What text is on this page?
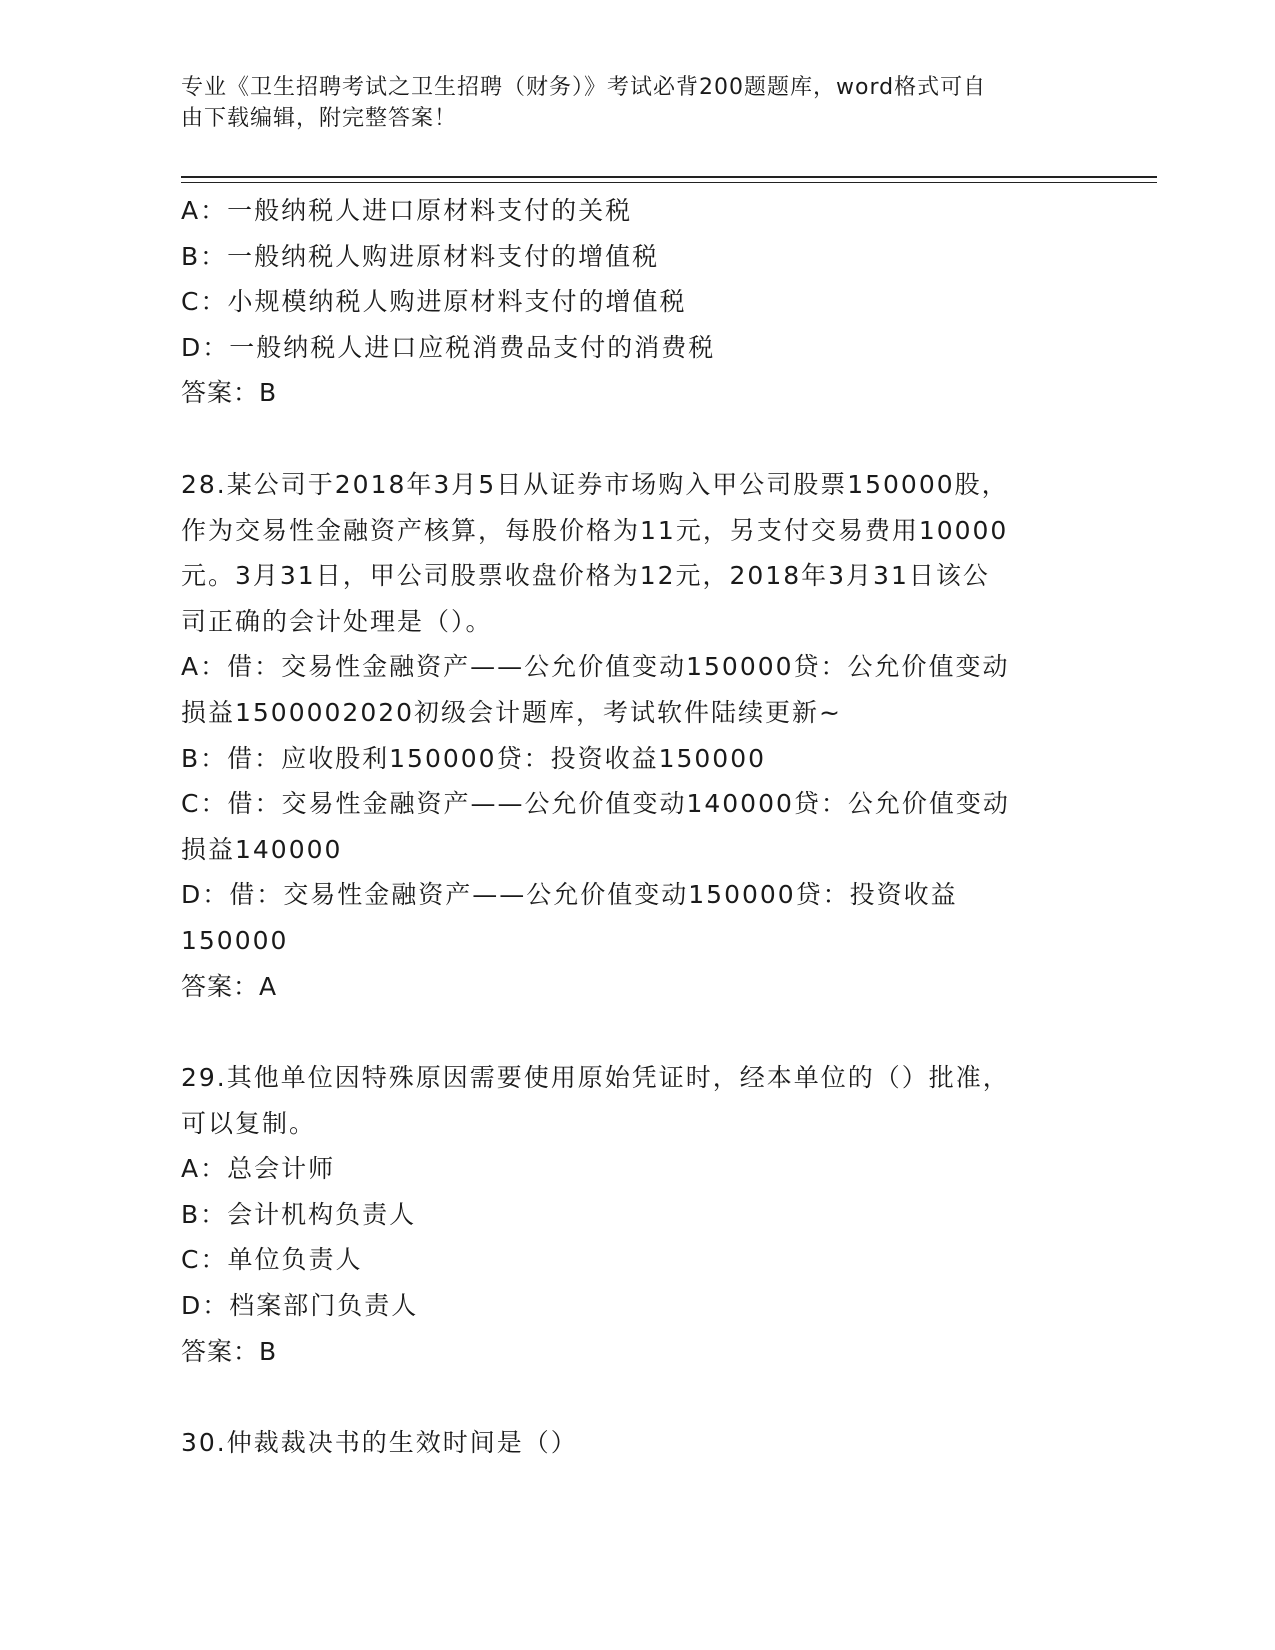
专业《卫生招聘考试之卫生招聘（财务）》考试必背200题题库，word格式可自
由下载编辑，附完整答案！
A：一般纳税人进口原材料支付的关税
B：一般纳税人购进原材料支付的增值税
C：小规模纳税人购进原材料支付的增值税
D：一般纳税人进口应税消费品支付的消费税
答案：B
28.某公司于2018年3月5日从证券市场购入甲公司股票150000股，
作为交易性金融资产核算，每股价格为11元，另支付交易费用10000
元。3月31日，甲公司股票收盘价格为12元，2018年3月31日该公
司正确的会计处理是（）。
A：借：交易性金融资产——公允价值变动150000贷：公允价值变动
损益1500002020初级会计题库，考试软件陆续更新~
B：借：应收股利150000贷：投资收益150000
C：借：交易性金融资产——公允价值变动140000贷：公允价值变动
损益140000
D：借：交易性金融资产——公允价值变动150000贷：投资收益
150000
答案：A
29.其他单位因特殊原因需要使用原始凭证时，经本单位的（）批准，
可以复制。
A：总会计师
B：会计机构负责人
C：单位负责人
D：档案部门负责人
答案：B
30.仲裁裁决书的生效时间是（）
